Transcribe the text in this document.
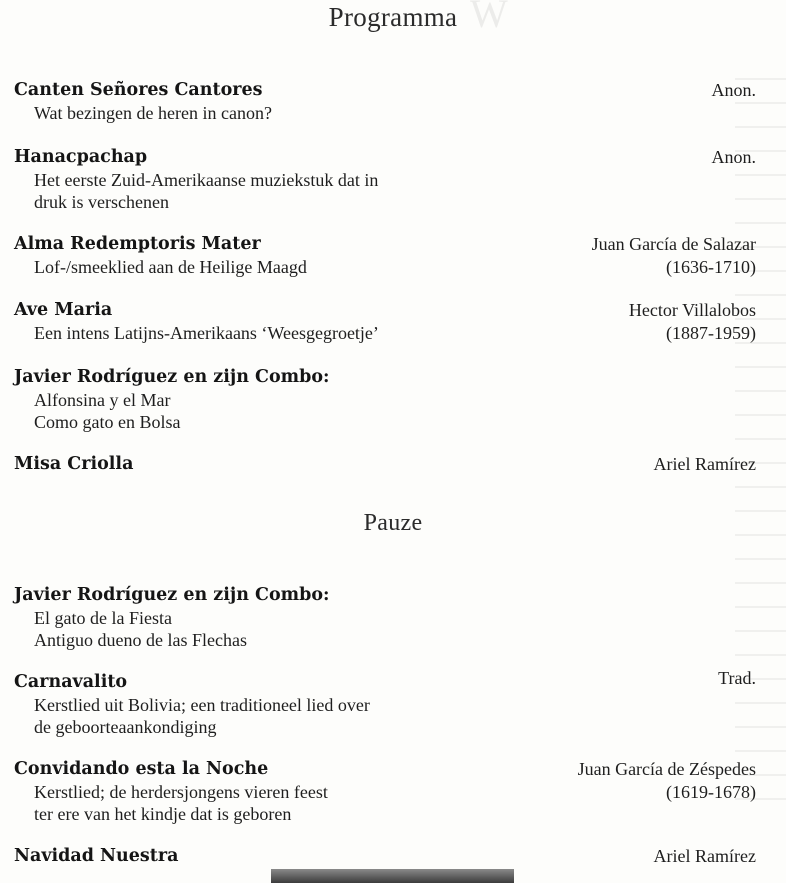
W
Programma
Canten Señores Cantores	Anon.
Wat bezingen de heren in canon?
Hanacpachap	Anon.
Het eerste Zuid-Amerikaanse muziekstuk dat in
druk is verschenen
Alma Redemptoris Mater	Juan García de Salazar
Lof-/smeeklied aan de Heilige Maagd	(1636-1710)
Ave Maria	Hector Villalobos
Een intens Latijns-Amerikaans ‘Weesgegroetje’	(1887-1959)
Javier Rodríguez en zijn Combo:
Alfonsina y el Mar
Como gato en Bolsa
Misa Criolla	Ariel Ramírez
Pauze
Javier Rodríguez en zijn Combo:
El gato de la Fiesta
Antiguo dueno de las Flechas
Carnavalito	Trad.
Kerstlied uit Bolivia; een traditioneel lied over
de geboorteaankondiging
Convidando esta la Noche	Juan García de Zéspedes
Kerstlied; de herdersjongens vieren feest	(1619-1678)
ter ere van het kindje dat is geboren
Navidad Nuestra	Ariel Ramírez
